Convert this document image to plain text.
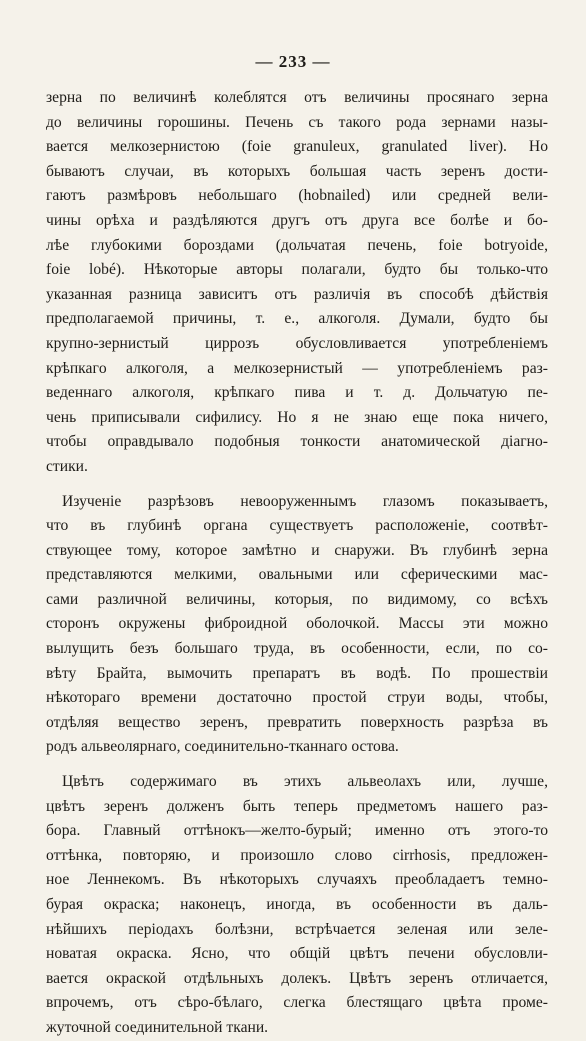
— 233 —
зерна по величинѣ колеблятся отъ величины просянаго зерна
до величины горошины. Печень съ такого рода зернами назы-
вается мелкозернистою (foie granuleux, granulated liver). Но
бываютъ случаи, въ которыхъ большая часть зеренъ дости-
гаютъ размѣровъ небольшаго (hobnailed) или средней вели-
чины орѣха и раздѣляются другъ отъ друга все болѣе и бо-
лѣе глубокими бороздами (дольчатая печень, foie botryoide,
foie lobé). Нѣкоторые авторы полагали, будто бы только-что
указанная разница зависитъ отъ различія въ способѣ дѣйствія
предполагаемой причины, т. е., алкоголя. Думали, будто бы
крупно-зернистый циррозъ обусловливается употребленіемъ
крѣпкагo алкоголя, а мелкозернистый — употребленіемъ раз-
веденнаго алкоголя, крѣпкаго пива и т. д. Дольчатую пе-
чень приписывали сифилису. Но я не знаю еще пока ничего,
чтобы оправдывало подобныя тонкости анатомической діагно-
стики.
Изученіе разрѣзовъ невооруженнымъ глазомъ показываетъ,
что въ глубинѣ органа существуетъ расположеніе, соотвѣт-
ствующее тому, которое замѣтно и снаружи. Въ глубинѣ зерна
представляются мелкими, овальными или сферическими мас-
сами различной величины, которыя, по видимому, со всѣхъ
сторонъ окружены фиброидной оболочкой. Массы эти можно
вылущить безъ большаго труда, въ особенности, если, по со-
вѣту Брайта, вымочить препаратъ въ водѣ. По прошествіи
нѣкотораго времени достаточно простой струи воды, чтобы,
отдѣляя вещество зеренъ, превратить поверхность разрѣза въ
родъ альвеолярнаго, соединительно-тканнаго остова.
Цвѣтъ содержимаго въ этихъ альвеолахъ или, лучше,
цвѣтъ зеренъ долженъ быть теперь предметомъ нашего раз-
бора. Главный оттѣнокъ—желто-бурый; именно отъ этого-то
оттѣнка, повторяю, и произошло слово cirrhosis, предложен-
ное Леннекомъ. Въ нѣкоторыхъ случаяхъ преобладаетъ темно-
бурая окраска; наконецъ, иногда, въ особенности въ даль-
нѣйшихъ періодахъ болѣзни, встрѣчается зеленая или зеле-
новатая окраска. Ясно, что общій цвѣтъ печени обусловли-
вается окраской отдѣльныхъ долекъ. Цвѣтъ зеренъ отличается,
впрочемъ, отъ сѣро-бѣлаго, слегка блестящаго цвѣта проме-
жуточной соединительной ткани.
